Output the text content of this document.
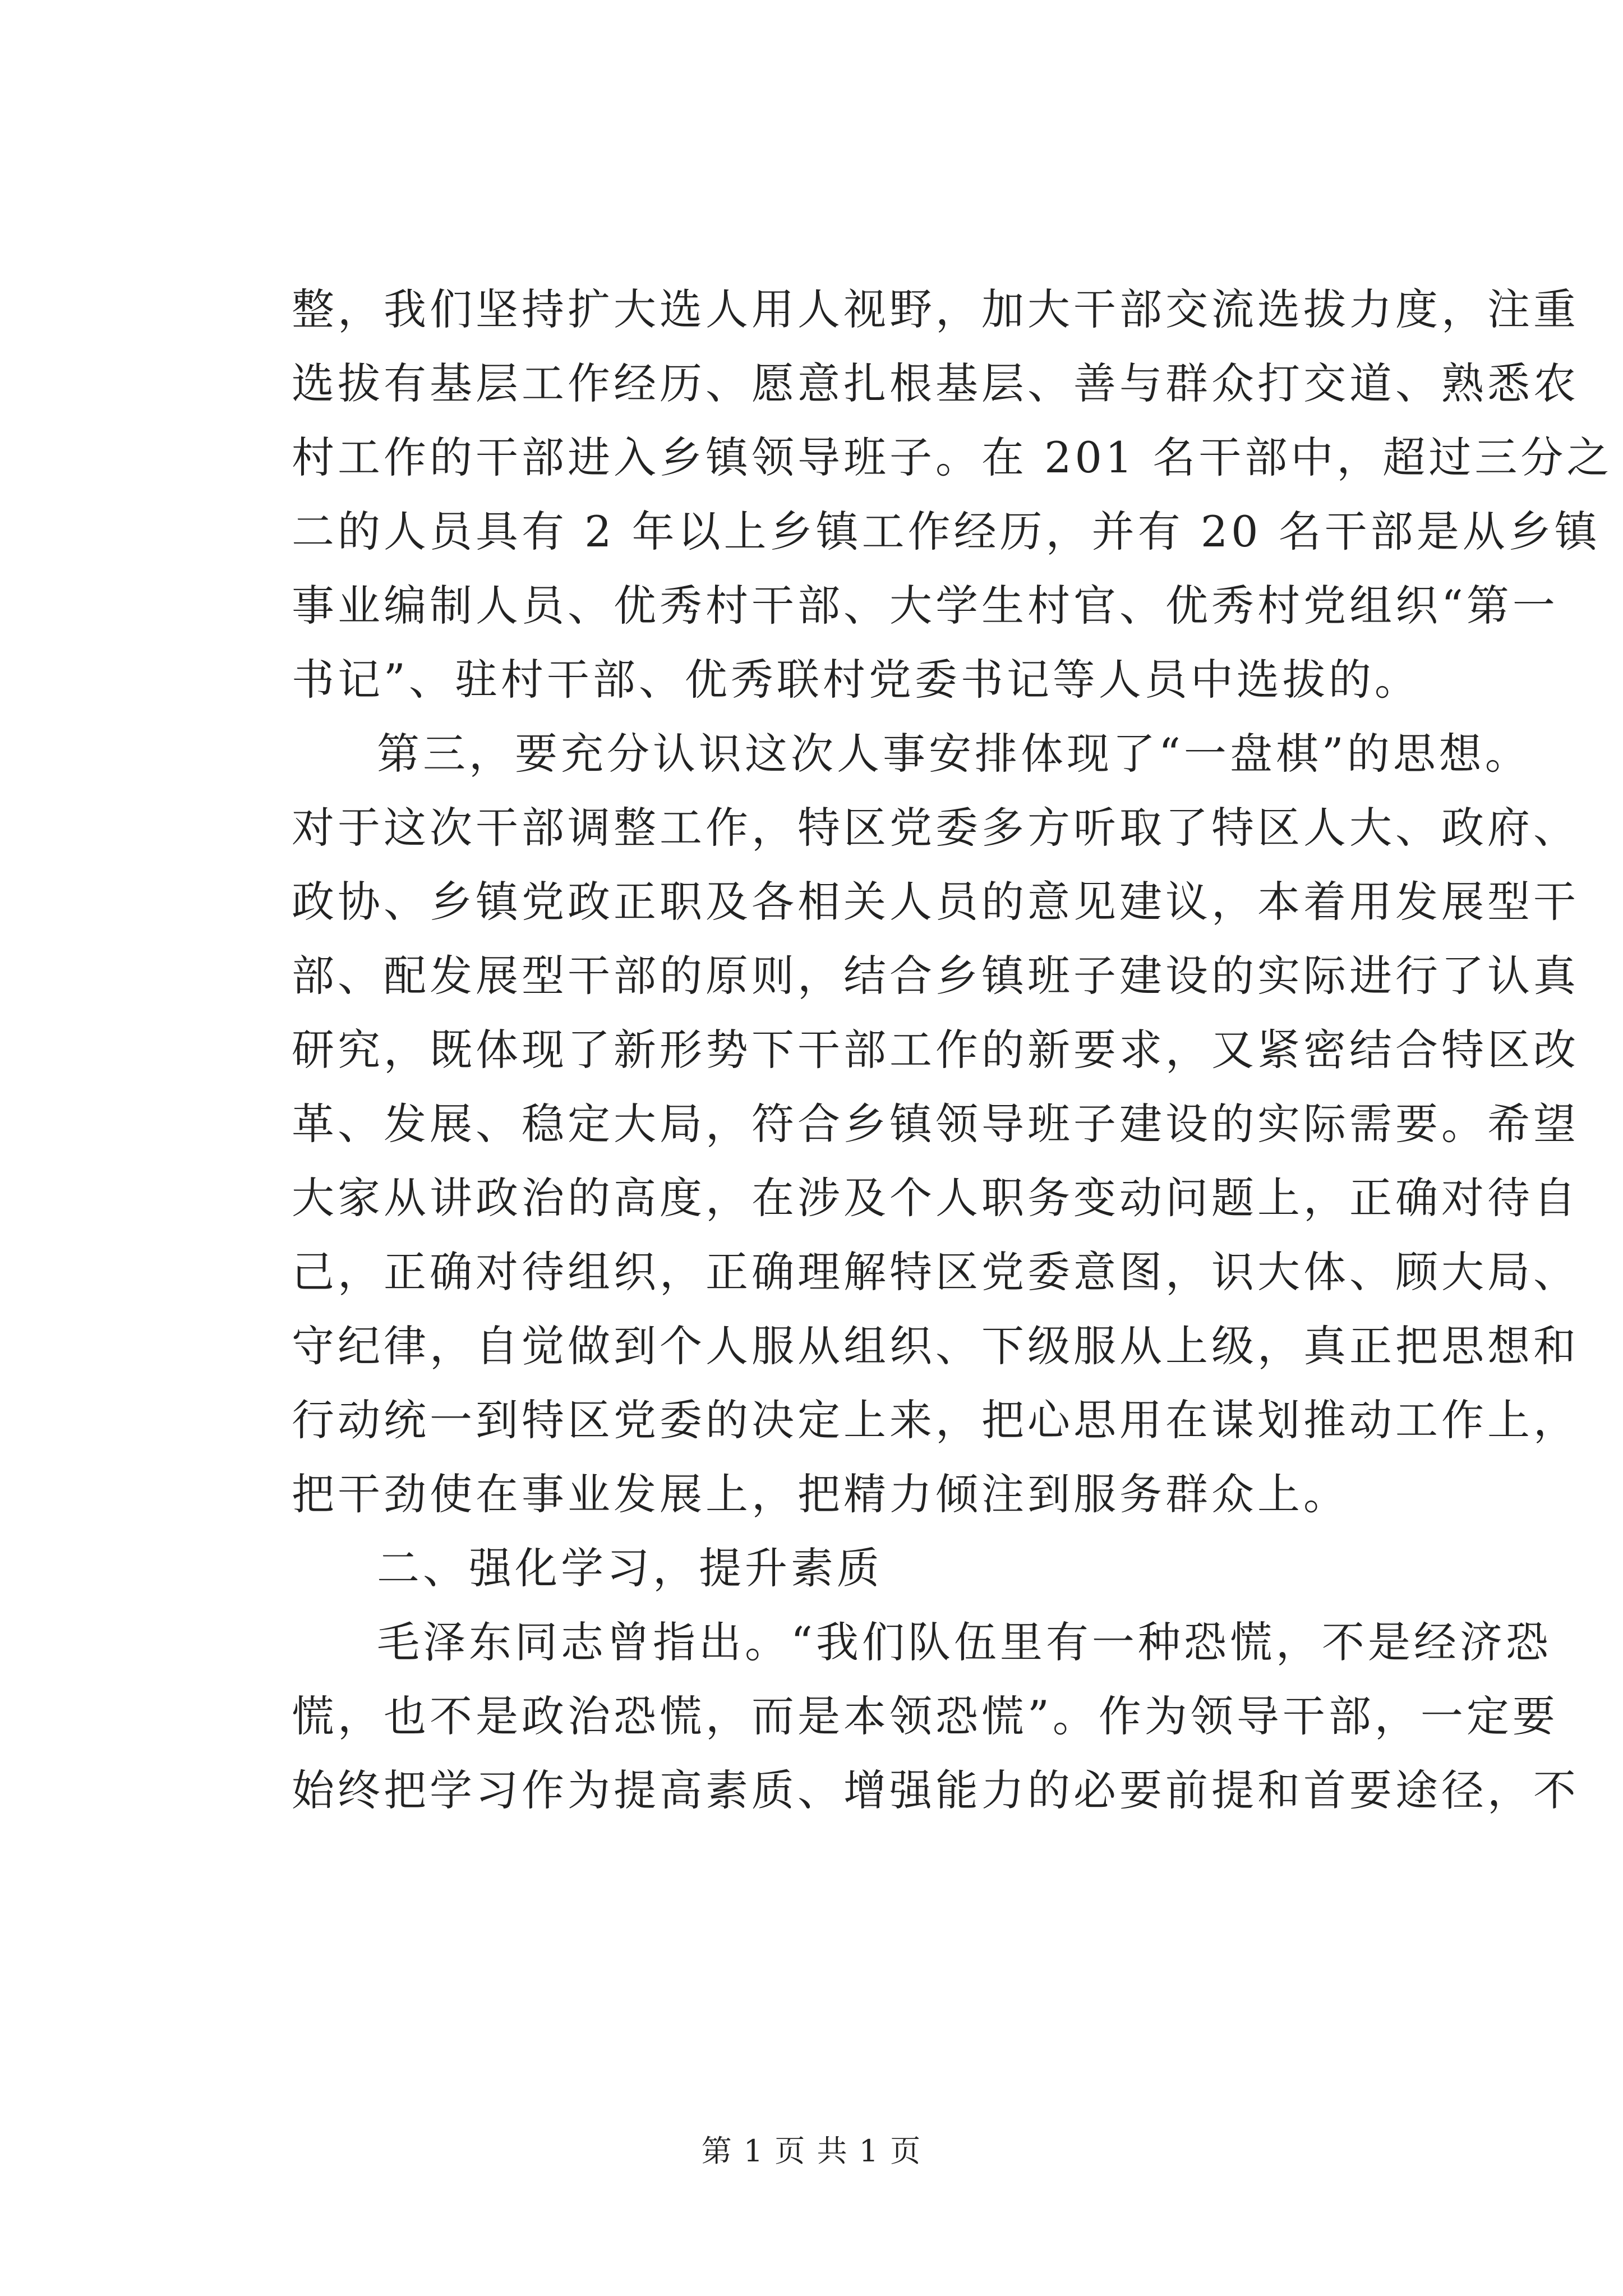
整，我们坚持扩大选人用人视野，加大干部交流选拔力度，注重
选拔有基层工作经历、愿意扎根基层、善与群众打交道、熟悉农
村工作的干部进入乡镇领导班子。在 201 名干部中，超过三分之
二的人员具有 2 年以上乡镇工作经历，并有 20 名干部是从乡镇
事业编制人员、优秀村干部、大学生村官、优秀村党组织“第一
书记”、驻村干部、优秀联村党委书记等人员中选拔的。
第三，要充分认识这次人事安排体现了“一盘棋”的思想。
对于这次干部调整工作，特区党委多方听取了特区人大、政府、
政协、乡镇党政正职及各相关人员的意见建议，本着用发展型干
部、配发展型干部的原则，结合乡镇班子建设的实际进行了认真
研究，既体现了新形势下干部工作的新要求，又紧密结合特区改
革、发展、稳定大局，符合乡镇领导班子建设的实际需要。希望
大家从讲政治的高度，在涉及个人职务变动问题上，正确对待自
己，正确对待组织，正确理解特区党委意图，识大体、顾大局、
守纪律，自觉做到个人服从组织、下级服从上级，真正把思想和
行动统一到特区党委的决定上来，把心思用在谋划推动工作上，
把干劲使在事业发展上，把精力倾注到服务群众上。
二、强化学习，提升素质
毛泽东同志曾指出。“我们队伍里有一种恐慌，不是经济恐
慌，也不是政治恐慌，而是本领恐慌”。作为领导干部，一定要
始终把学习作为提高素质、增强能力的必要前提和首要途径，不
第 1 页 共 1 页
